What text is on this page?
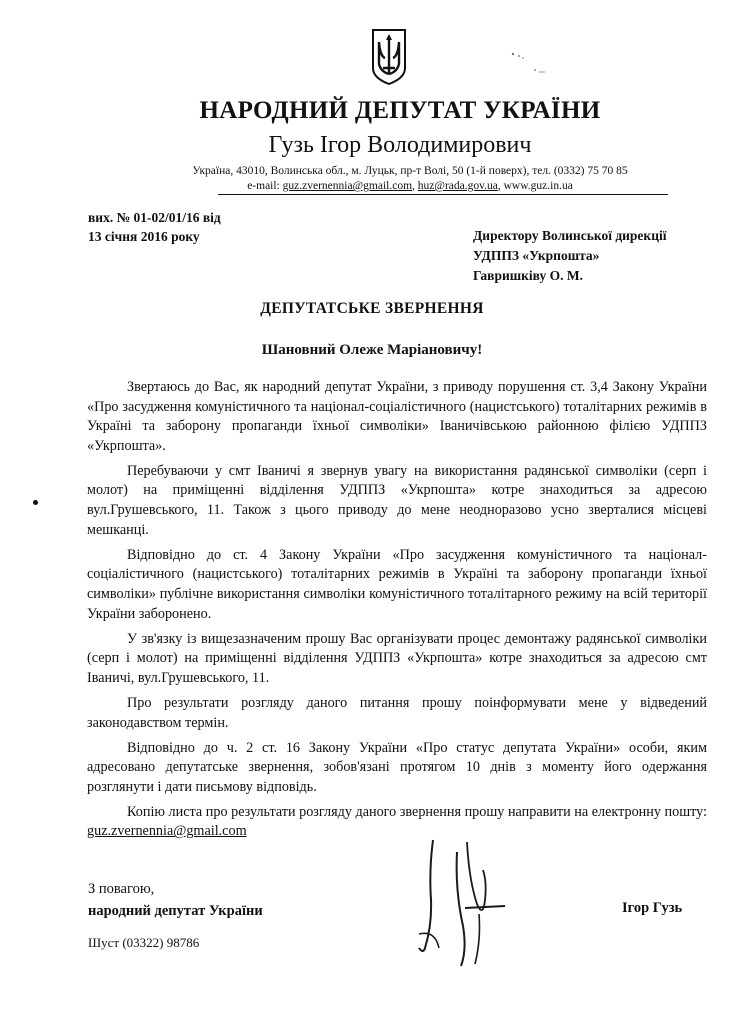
НАРОДНИЙ ДЕПУТАТ УКРАЇНИ
Гузь Ігор Володимирович
Україна, 43010, Волинська обл., м. Луцьк, пр-т Волі, 50 (1-й поверх), тел. (0332) 75 70 85
e-mail: guz.zvernennia@gmail.com, huz@rada.gov.ua, www.guz.in.ua
вих. № 01-02/01/16 від
13 січня 2016 року	Директору Волинської дирекції
УДППЗ «Укрпошта»
Гавришківу О. М.
ДЕПУТАТСЬКЕ ЗВЕРНЕННЯ
Шановний Олеже Маріановичу!

Звертаюсь до Вас, як народний депутат України, з приводу порушення ст. 3,4 Закону України «Про засудження комуністичного та націонал-соціалістичного (нацистського) тоталітарних режимів в Україні та заборону пропаганди їхньої символіки» Іваничівською районною філією УДППЗ «Укрпошта».

Перебуваючи у смт Іваничі я звернув увагу на використання радянської символіки (серп і молот) на приміщенні відділення УДППЗ «Укрпошта» котре знаходиться за адресою вул.Грушевського, 11. Також з цього приводу до мене неодноразово усно зверталися місцеві мешканці.

Відповідно до ст. 4 Закону України «Про засудження комуністичного та націонал-соціалістичного (нацистського) тоталітарних режимів в Україні та заборону пропаганди їхньої символіки» публічне використання символіки комуністичного тоталітарного режиму на всій території України заборонено.

У зв'язку із вищезазначеним прошу Вас організувати процес демонтажу радянської символіки (серп і молот) на приміщенні відділення УДППЗ «Укрпошта» котре знаходиться за адресою смт Іваничі, вул.Грушевського, 11.

Про результати розгляду даного питання прошу поінформувати мене у відведений законодавством термін.

Відповідно до ч. 2 ст. 16 Закону України «Про статус депутата України» особи, яким адресовано депутатське звернення, зобов'язані протягом 10 днів з моменту його одержання розглянути і дати письмову відповідь.

Копію листа про результати розгляду даного звернення прошу направити на електронну пошту: guz.zvernennia@gmail.com

З повагою,
народний депутат України	Ігор Гузь
Шуст (03322) 98786
